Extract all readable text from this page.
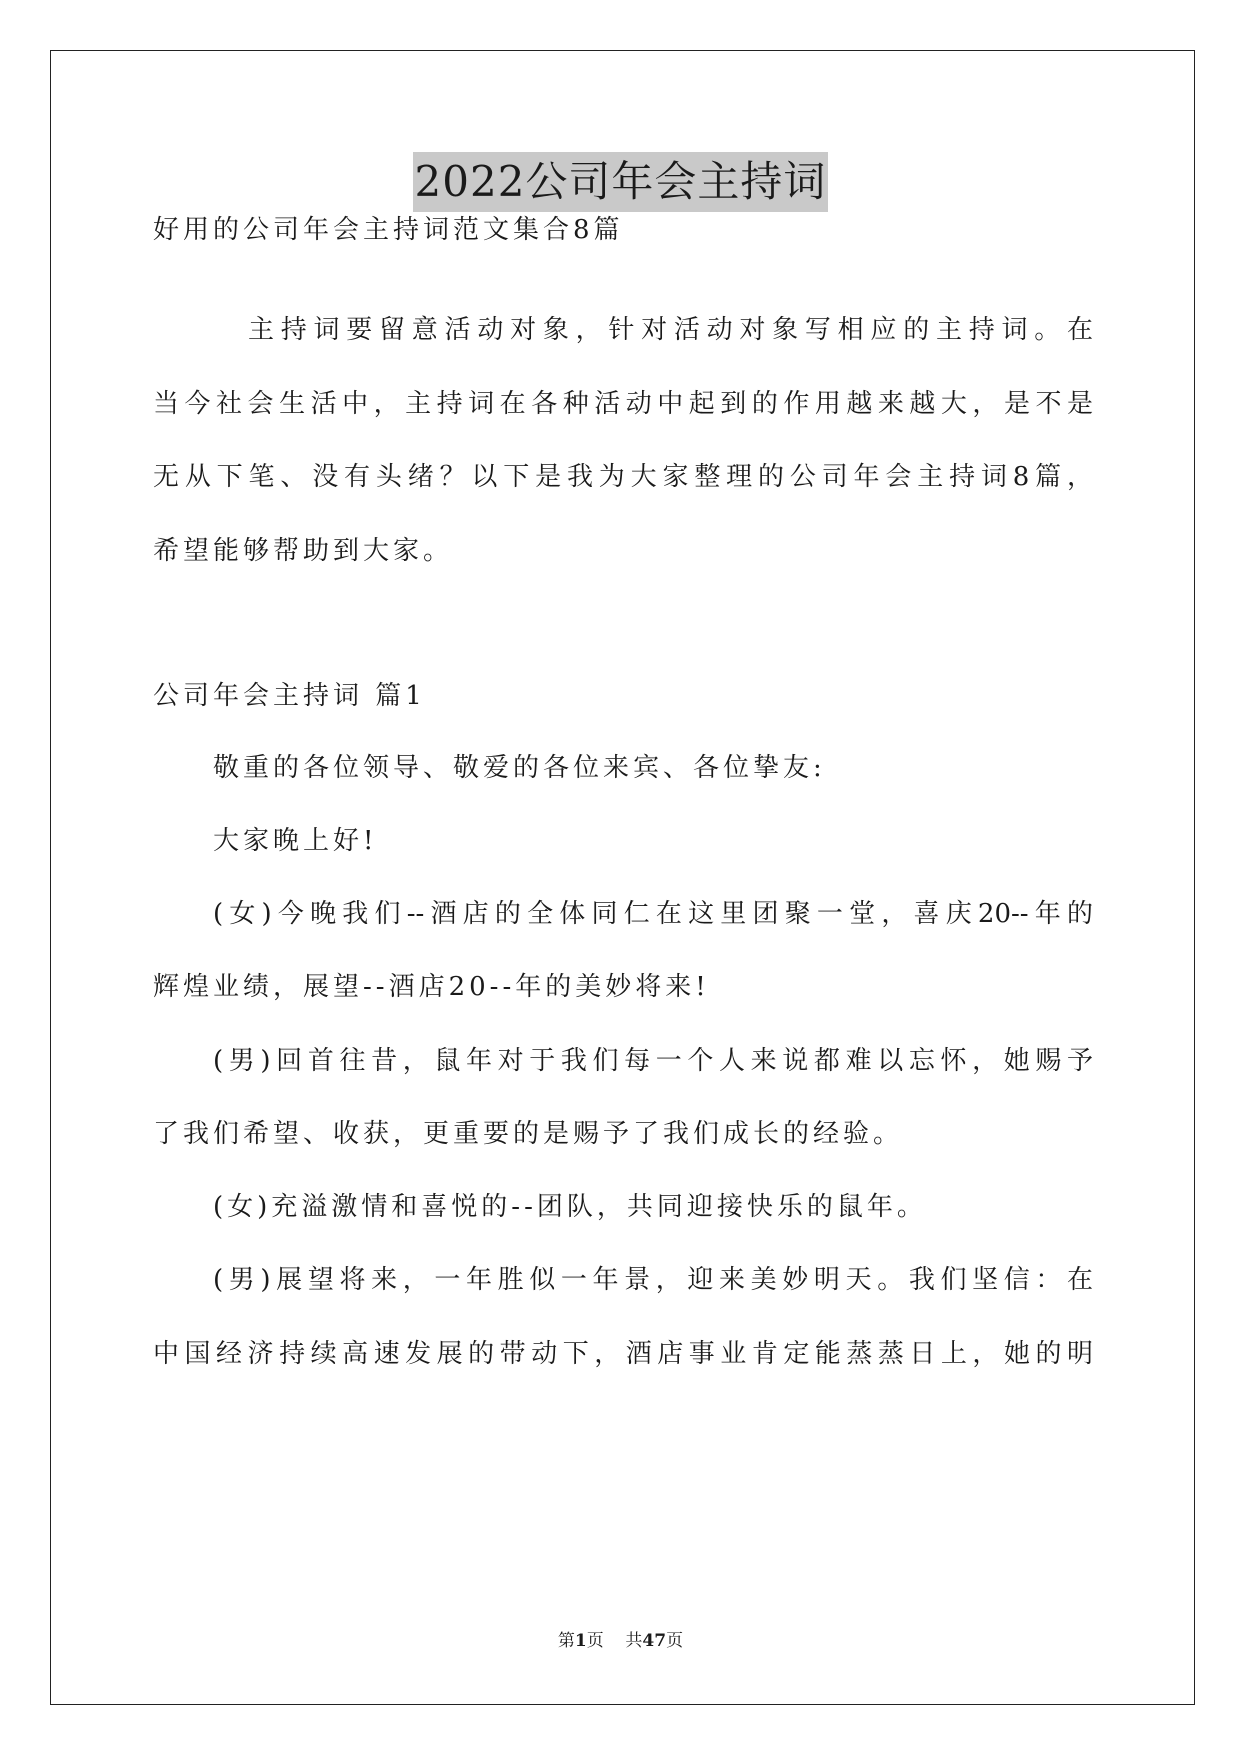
2022公司年会主持词
好用的公司年会主持词范文集合8篇
主持词要留意活动对象，针对活动对象写相应的主持词。在
当今社会生活中，主持词在各种活动中起到的作用越来越大，是不是
无从下笔、没有头绪？以下是我为大家整理的公司年会主持词8篇，
希望能够帮助到大家。
公司年会主持词 篇1
敬重的各位领导、敬爱的各位来宾、各位挚友:
大家晚上好!
(女)今晚我们--酒店的全体同仁在这里团聚一堂，喜庆20--年的
辉煌业绩，展望--酒店20--年的美妙将来!
(男)回首往昔，鼠年对于我们每一个人来说都难以忘怀，她赐予
了我们希望、收获，更重要的是赐予了我们成长的经验。
(女)充溢激情和喜悦的--团队，共同迎接快乐的鼠年。
(男)展望将来，一年胜似一年景，迎来美妙明天。我们坚信：在
中国经济持续高速发展的带动下，酒店事业肯定能蒸蒸日上，她的明
第1页    共47页
